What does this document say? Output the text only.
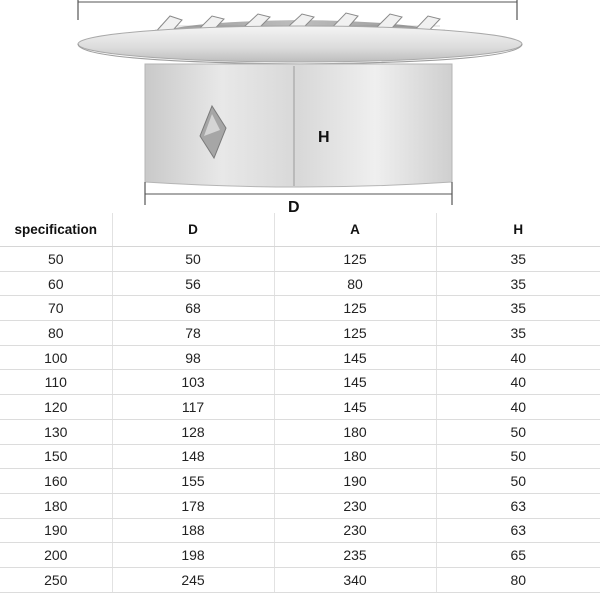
H
D
specification	D	A	H
50	50	125	35
60	56	80	35
70	68	125	35
80	78	125	35
100	98	145	40
110	103	145	40
120	117	145	40
130	128	180	50
150	148	180	50
160	155	190	50
180	178	230	63
190	188	230	63
200	198	235	65
250	245	340	80
